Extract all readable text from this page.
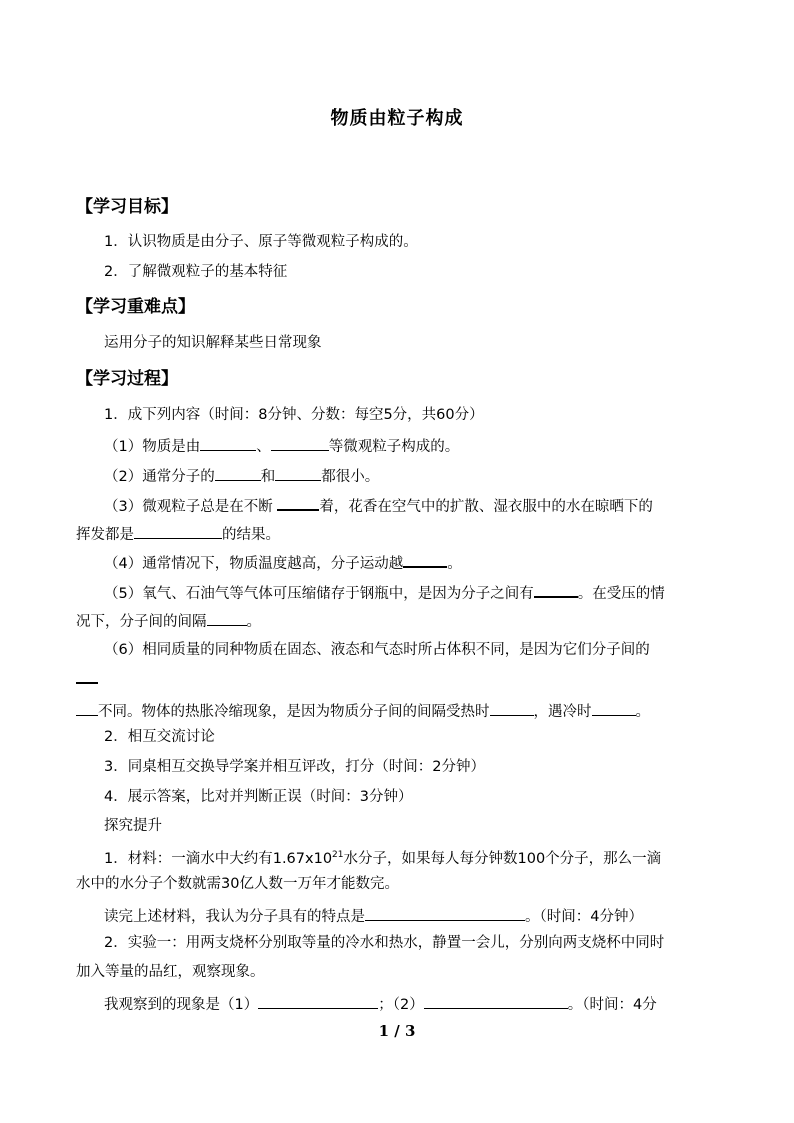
物质由粒子构成
【学习目标】
1．认识物质是由分子、原子等微观粒子构成的。
2．了解微观粒子的基本特征
【学习重难点】
运用分子的知识解释某些日常现象
【学习过程】
1．成下列内容（时间：8分钟、分数：每空5分，共60分）
（1）物质是由	、	等微观粒子构成的。
（2）通常分子的	和	都很小。
（3）微观粒子总是在不断	着，花香在空气中的扩散、湿衣服中的水在晾晒下的
挥发都是	的结果。
（4）通常情况下，物质温度越高，分子运动越	。
（5）氧气、石油气等气体可压缩储存于钢瓶中，是因为分子之间有	。在受压的情
况下，分子间的间隔	。
（6）相同质量的同种物质在固态、液态和气态时所占体积不同，是因为它们分子间的
不同。物体的热胀冷缩现象，是因为物质分子间的间隔受热时	，遇冷时	。
2．相互交流讨论
3．同桌相互交换导学案并相互评改，打分（时间：2分钟）
4．展示答案，比对并判断正误（时间：3分钟）
探究提升
1．材料：一滴水中大约有$1.67x10^{21}$水分子，如果每人每分钟数100个分子，那么一滴
水中的水分子个数就需30亿人数一万年才能数完。
读完上述材料，我认为分子具有的特点是	。（时间：4分钟）
2．实验一：用两支烧杯分别取等量的冷水和热水，静置一会儿，分别向两支烧杯中同时
加入等量的品红，观察现象。
我观察到的现象是（1）	；（2）	。（时间：4分
1 / 3
